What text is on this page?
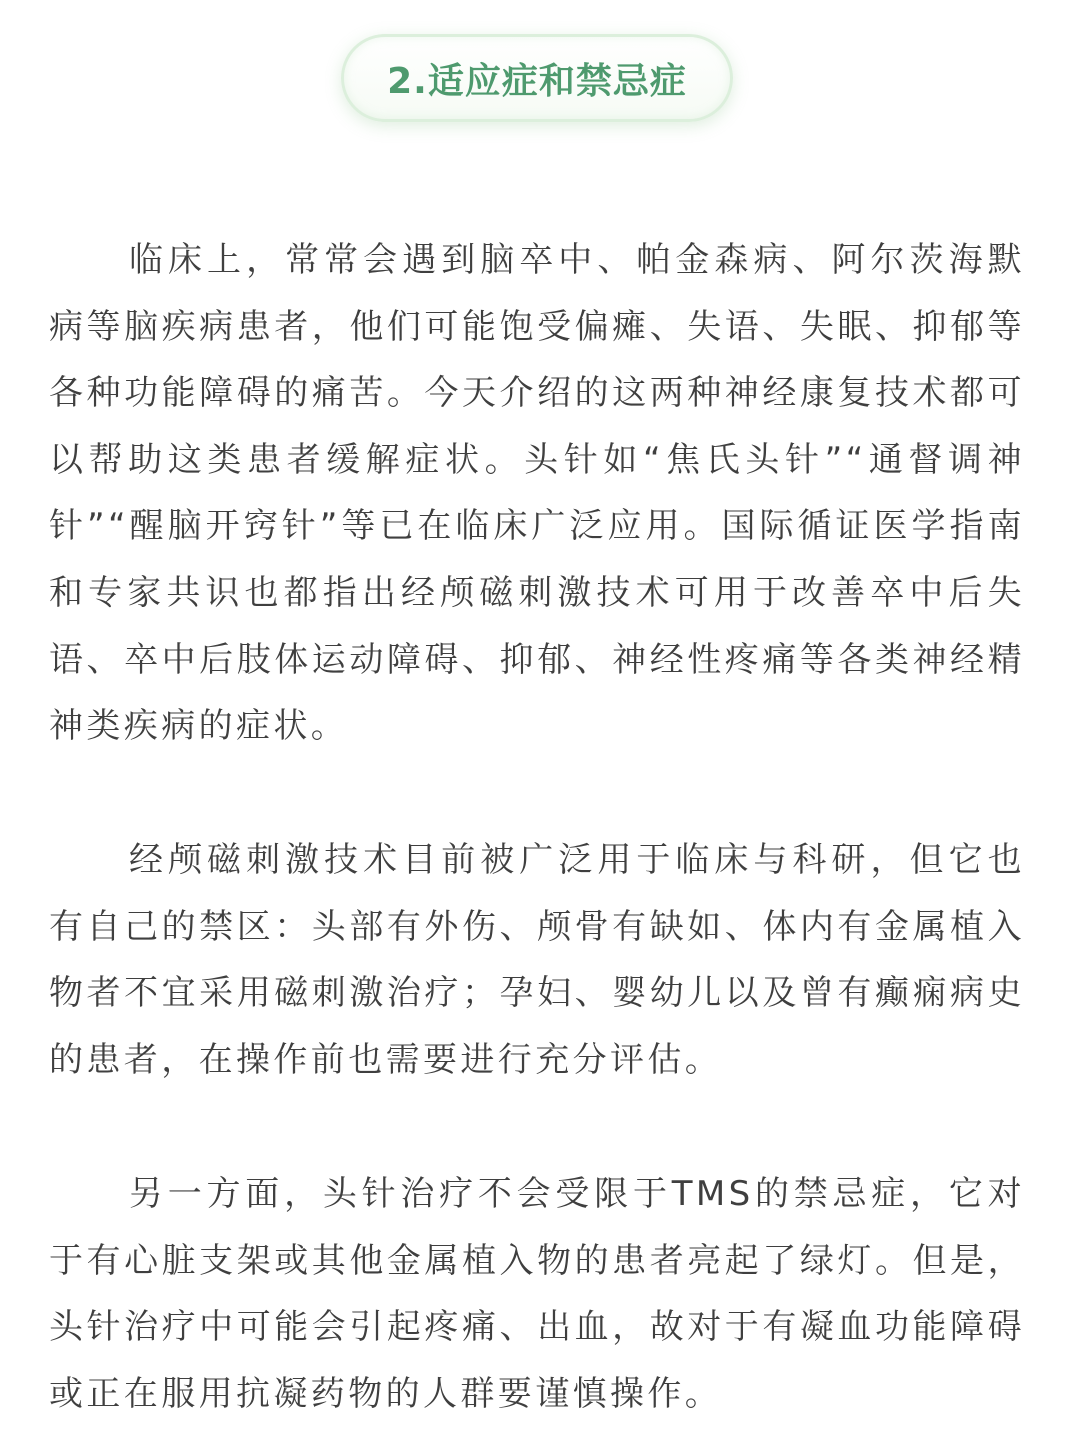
2.适应症和禁忌症

临床上，常常会遇到脑卒中、帕金森病、阿尔茨海默病等脑疾病患者，他们可能饱受偏瘫、失语、失眠、抑郁等各种功能障碍的痛苦。今天介绍的这两种神经康复技术都可以帮助这类患者缓解症状。头针如“焦氏头针”“通督调神针”“醒脑开窍针”等已在临床广泛应用。国际循证医学指南和专家共识也都指出经颅磁刺激技术可用于改善卒中后失语、卒中后肢体运动障碍、抑郁、神经性疼痛等各类神经精神类疾病的症状。

经颅磁刺激技术目前被广泛用于临床与科研，但它也有自己的禁区：头部有外伤、颅骨有缺如、体内有金属植入物者不宜采用磁刺激治疗；孕妇、婴幼儿以及曾有癫痫病史的患者，在操作前也需要进行充分评估。

另一方面，头针治疗不会受限于TMS的禁忌症，它对于有心脏支架或其他金属植入物的患者亮起了绿灯。但是，头针治疗中可能会引起疼痛、出血，故对于有凝血功能障碍或正在服用抗凝药物的人群要谨慎操作。
